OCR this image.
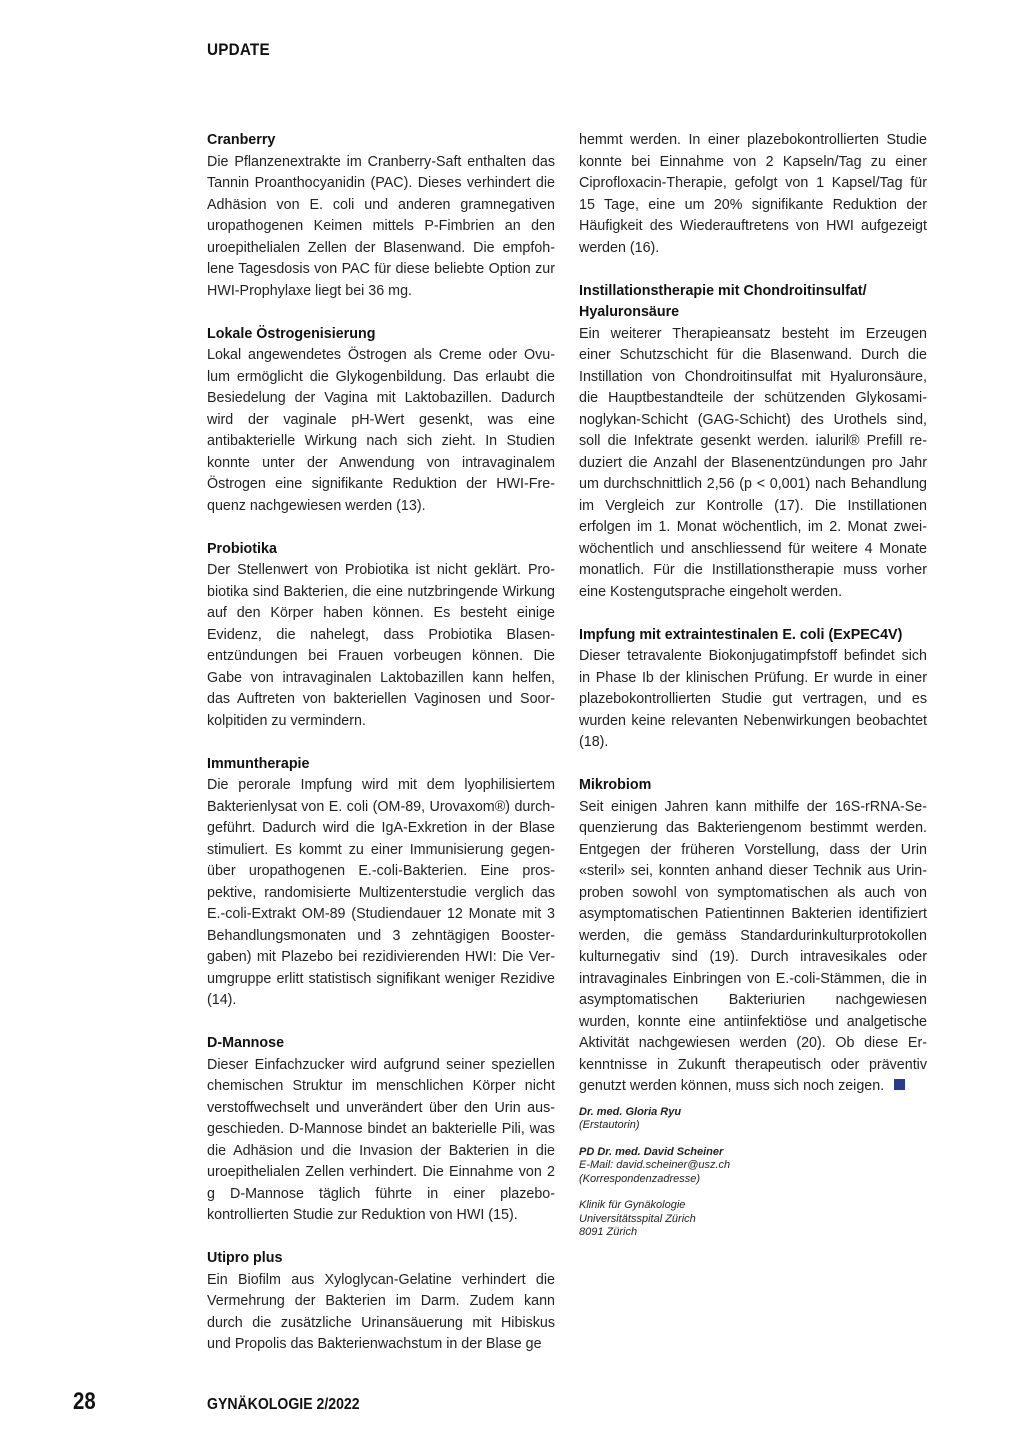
UPDATE

Cranberry

Die Pflanzenextrakte im Cranberry-Saft enthalten das Tannin Proanthocyanidin (PAC). Dieses verhindert die Adhäsion von E. coli und anderen gramnegativen uropathogenen Keimen mittels P-Fimbrien an den uroepithelialen Zellen der Blasenwand. Die empfohlene Tagesdosis von PAC für diese beliebte Option zur HWI-Prophylaxe liegt bei 36 mg.

Lokale Östrogenisierung

Lokal angewendetes Östrogen als Creme oder Ovulum ermöglicht die Glykogenbildung. Das erlaubt die Besiedelung der Vagina mit Laktobazillen. Dadurch wird der vaginale pH-Wert gesenkt, was eine antibakterielle Wirkung nach sich zieht. In Studien konnte unter der Anwendung von intravaginalem Östrogen eine signifikante Reduktion der HWI-Frequenz nachgewiesen werden (13).

Probiotika

Der Stellenwert von Probiotika ist nicht geklärt. Probiotika sind Bakterien, die eine nutzbringende Wirkung auf den Körper haben können. Es besteht einige Evidenz, die nahelegt, dass Probiotika Blasenentzündungen bei Frauen vorbeugen können. Die Gabe von intravaginalen Laktobazillen kann helfen, das Auftreten von bakteriellen Vaginosen und Soorkolpitiden zu vermindern.

Immuntherapie

Die perorale Impfung wird mit dem lyophilisiertem Bakterienlysat von E. coli (OM-89, Urovaxom®) durchgeführt. Dadurch wird die IgA-Exkretion in der Blase stimuliert. Es kommt zu einer Immunisierung gegenüber uropathogenen E.-coli-Bakterien. Eine prospektive, randomisierte Multizenterstudie verglich das E.-coli-Extrakt OM-89 (Studiendauer 12 Monate mit 3 Behandlungsmonaten und 3 zehntägigen Boostergaben) mit Plazebo bei rezidivierenden HWI: Die Verumgruppe erlitt statistisch signifikant weniger Rezidive (14).

D-Mannose

Dieser Einfachzucker wird aufgrund seiner speziellen chemischen Struktur im menschlichen Körper nicht verstoffwechselt und unverändert über den Urin ausgeschieden. D-Mannose bindet an bakterielle Pili, was die Adhäsion und die Invasion der Bakterien in die uroepithelialen Zellen verhindert. Die Einnahme von 2 g D-Mannose täglich führte in einer plazebokontrollierten Studie zur Reduktion von HWI (15).

Utipro plus

Ein Biofilm aus Xyloglycan-Gelatine verhindert die Vermehrung der Bakterien im Darm. Zudem kann durch die zusätzliche Urinansäuerung mit Hibiskus und Propolis das Bakterienwachstum in der Blase ge

hemmt werden. In einer plazebokontrollierten Studie konnte bei Einnahme von 2 Kapseln/Tag zu einer Ciprofloxacin-Therapie, gefolgt von 1 Kapsel/Tag für 15 Tage, eine um 20% signifikante Reduktion der Häufigkeit des Wiederauftretens von HWI aufgezeigt werden (16).

Instillationstherapie mit Chondroitinsulfat/ Hyaluronsäure

Ein weiterer Therapieansatz besteht im Erzeugen einer Schutzschicht für die Blasenwand. Durch die Instillation von Chondroitinsulfat mit Hyaluronsäure, die Hauptbestandteile der schützenden Glykosaminoglykan-Schicht (GAG-Schicht) des Urothels sind, soll die Infektrate gesenkt werden. ialuril® Prefill reduziert die Anzahl der Blasenentzündungen pro Jahr um durchschnittlich 2,56 (p < 0,001) nach Behandlung im Vergleich zur Kontrolle (17). Die Instillationen erfolgen im 1. Monat wöchentlich, im 2. Monat zweiwöchentlich und anschliessend für weitere 4 Monate monatlich. Für die Instillationstherapie muss vorher eine Kostengutsprache eingeholt werden.

Impfung mit extraintestinalen E. coli (ExPEC4V)

Dieser tetravalente Biokonjugatimpfstoff befindet sich in Phase Ib der klinischen Prüfung. Er wurde in einer plazebokontrollierten Studie gut vertragen, und es wurden keine relevanten Nebenwirkungen beobachtet (18).

Mikrobiom

Seit einigen Jahren kann mithilfe der 16S-rRNA-Sequenzierung das Bakteriengenom bestimmt werden. Entgegen der früheren Vorstellung, dass der Urin «steril» sei, konnten anhand dieser Technik aus Urinproben sowohl von symptomatischen als auch von asymptomatischen Patientinnen Bakterien identifiziert werden, die gemäss Standardurinkulturprotokollen kulturnegativ sind (19). Durch intravesikales oder intravaginales Einbringen von E.-coli-Stämmen, die in asymptomatischen Bakteriurien nachgewiesen wurden, konnte eine antiinfektiöse und analgetische Aktivität nachgewiesen werden (20). Ob diese Erkenntnisse in Zukunft therapeutisch oder präventiv genutzt werden können, muss sich noch zeigen.

Dr. med. Gloria Ryu
(Erstautorin)
PD Dr. med. David Scheiner
E-Mail: david.scheiner@usz.ch
(Korrespondenzadresse)
Klinik für Gynäkologie
Universitätsspital Zürich
8091 Zürich
28	GYNÄKOLOGIE 2/2022
